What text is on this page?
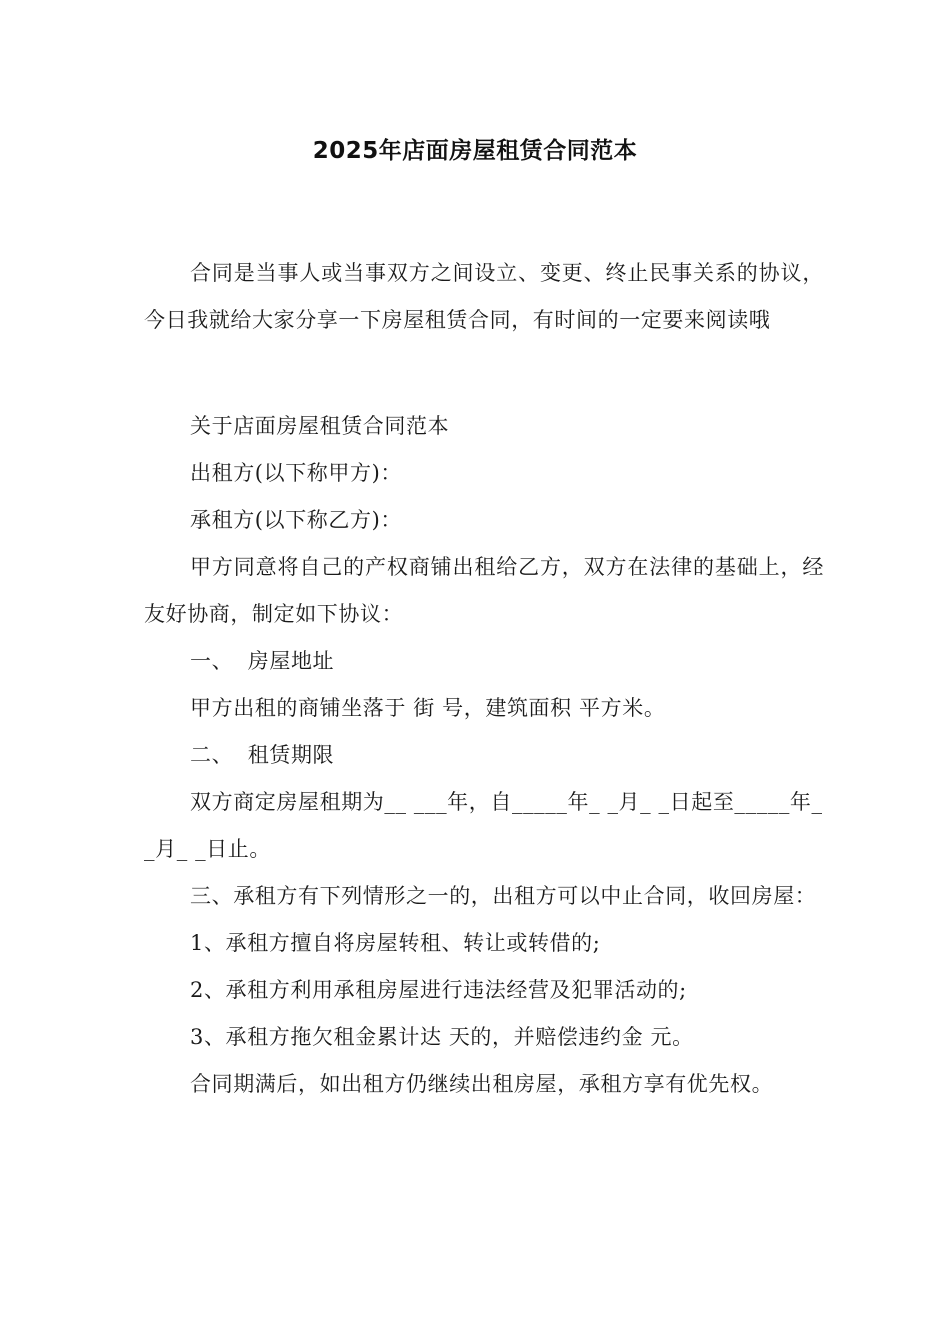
2025年店面房屋租赁合同范本

合同是当事人或当事双方之间设立、变更、终止民事关系的协议，今日我就给大家分享一下房屋租赁合同，有时间的一定要来阅读哦

关于店面房屋租赁合同范本

出租方(以下称甲方)：

承租方(以下称乙方)：

甲方同意将自己的产权商铺出租给乙方，双方在法律的基础上，经友好协商，制定如下协议：

一、  房屋地址

甲方出租的商铺坐落于 街 号，建筑面积 平方米。

二、  租赁期限

双方商定房屋租期为__ ___年，自_____年_ _月_ _日起至_____年_ _月_ _日止。

三、承租方有下列情形之一的，出租方可以中止合同，收回房屋：

1、承租方擅自将房屋转租、转让或转借的;

2、承租方利用承租房屋进行违法经营及犯罪活动的;

3、承租方拖欠租金累计达 天的，并赔偿违约金 元。

合同期满后，如出租方仍继续出租房屋，承租方享有优先权。
